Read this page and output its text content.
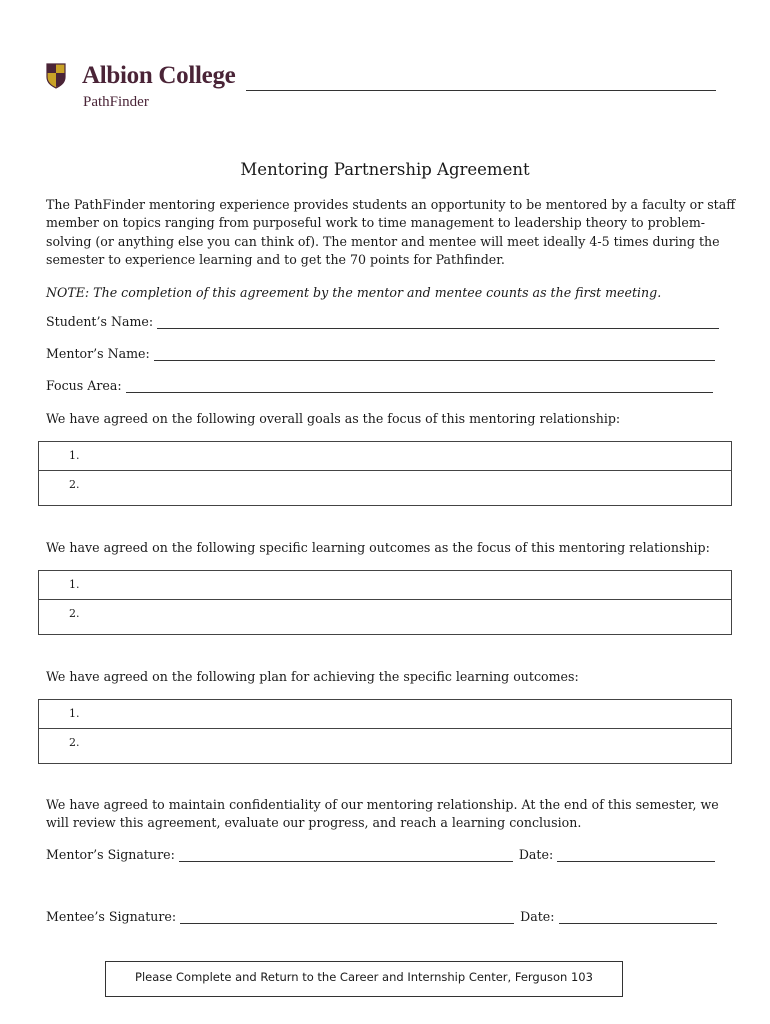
Albion College
PathFinder
Mentoring Partnership Agreement
The PathFinder mentoring experience provides students an opportunity to be mentored by a faculty or staff member on topics ranging from purposeful work to time management to leadership theory to problem-solving (or anything else you can think of). The mentor and mentee will meet ideally 4-5 times during the semester to experience learning and to get the 70 points for Pathfinder.
NOTE: The completion of this agreement by the mentor and mentee counts as the first meeting.
Student’s Name:
Mentor’s Name:
Focus Area:
We have agreed on the following overall goals as the focus of this mentoring relationship:
1.
2.
We have agreed on the following specific learning outcomes as the focus of this mentoring relationship:
1.
2.
We have agreed on the following plan for achieving the specific learning outcomes:
1.
2.
We have agreed to maintain confidentiality of our mentoring relationship. At the end of this semester, we will review this agreement, evaluate our progress, and reach a learning conclusion.
Mentor’s Signature:	Date:
Mentee’s Signature:	Date:
Please Complete and Return to the Career and Internship Center, Ferguson 103
